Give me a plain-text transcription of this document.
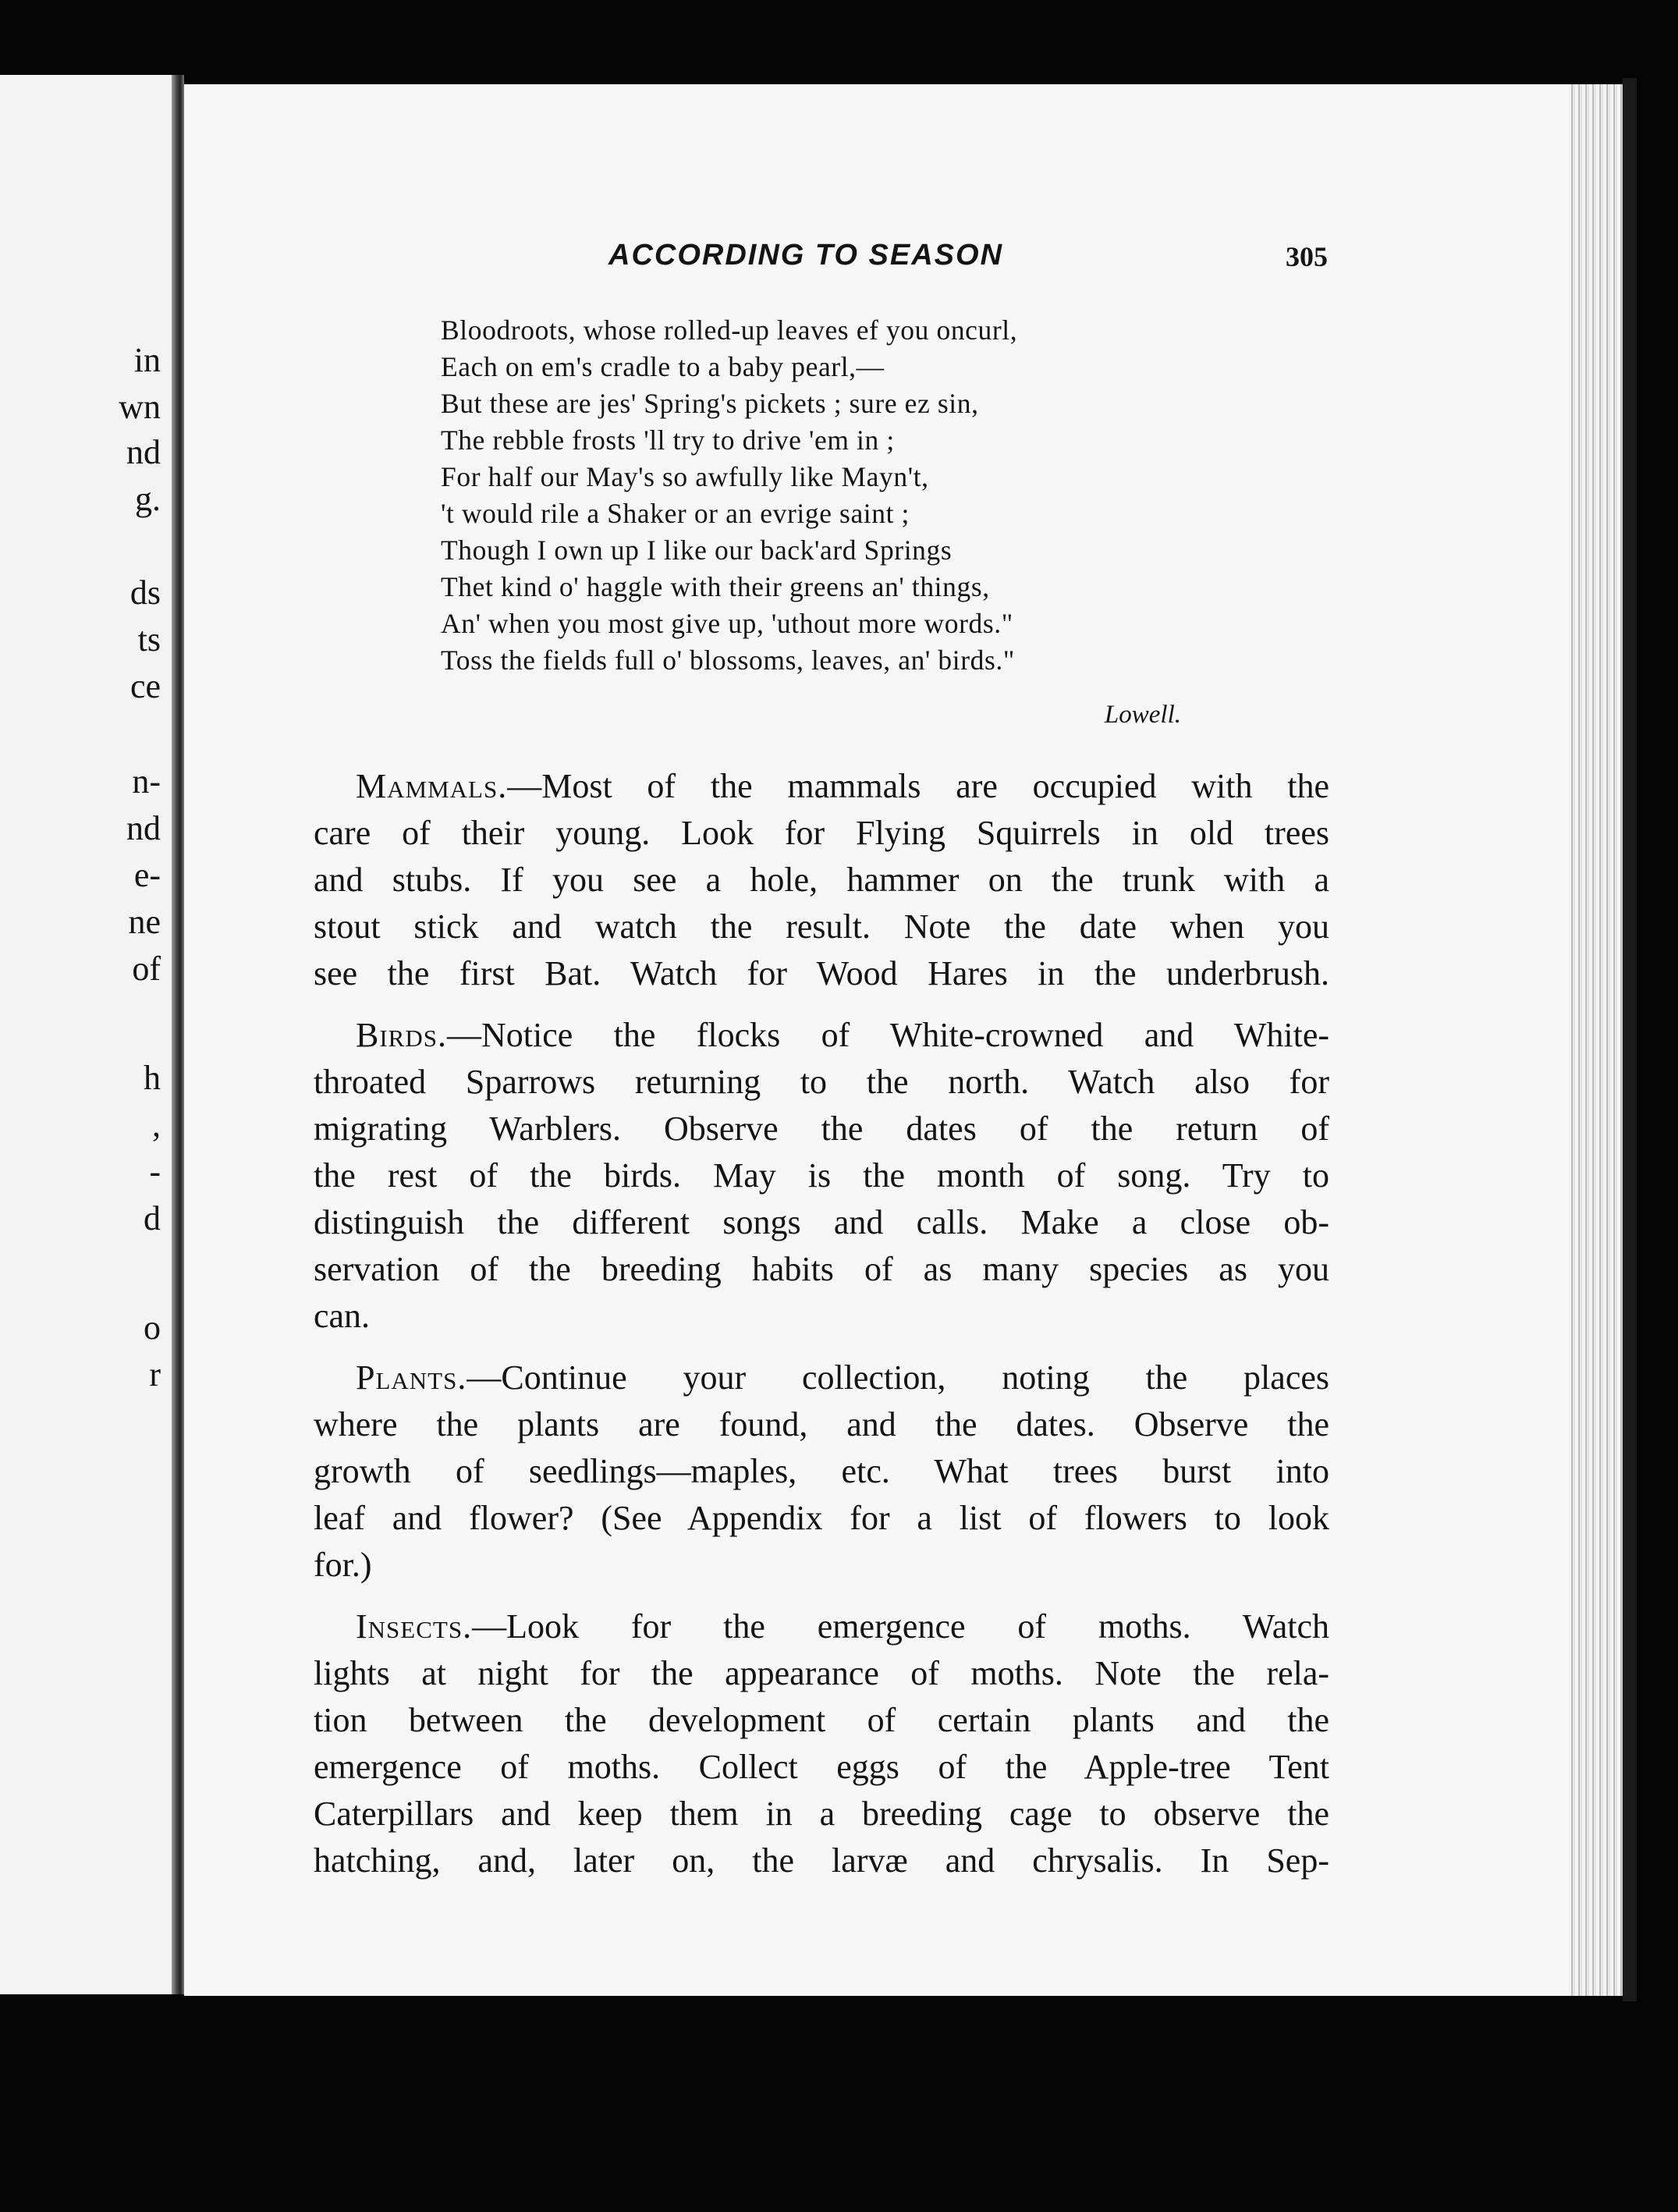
in
wn
nd
g.
ds
ts
ce
n-
nd
e-
ne
of
h
,
-
d
o
r
ACCORDING TO SEASON	305
Bloodroots, whose rolled-up leaves ef you oncurl,
Each on em's cradle to a baby pearl,—
But these are jes' Spring's pickets ; sure ez sin,
The rebble frosts 'll try to drive 'em in ;
For half our May's so awfully like Mayn't,
't would rile a Shaker or an evrige saint ;
Though I own up I like our back'ard Springs
Thet kind o' haggle with their greens an' things,
An' when you most give up, 'uthout more words."
Toss the fields full o' blossoms, leaves, an' birds."
Lowell.
Mammals.—Most of the mammals are occupied with the
care of their young. Look for Flying Squirrels in old trees
and stubs. If you see a hole, hammer on the trunk with a
stout stick and watch the result. Note the date when you
see the first Bat. Watch for Wood Hares in the underbrush.
Birds.—Notice the flocks of White-crowned and White-
throated Sparrows returning to the north. Watch also for
migrating Warblers. Observe the dates of the return of
the rest of the birds. May is the month of song. Try to
distinguish the different songs and calls. Make a close ob-
servation of the breeding habits of as many species as you
can.
Plants.—Continue your collection, noting the places
where the plants are found, and the dates. Observe the
growth of seedlings—maples, etc. What trees burst into
leaf and flower? (See Appendix for a list of flowers to look
for.)
Insects.—Look for the emergence of moths. Watch
lights at night for the appearance of moths. Note the rela-
tion between the development of certain plants and the
emergence of moths. Collect eggs of the Apple-tree Tent
Caterpillars and keep them in a breeding cage to observe the
hatching, and, later on, the larvæ and chrysalis. In Sep-
